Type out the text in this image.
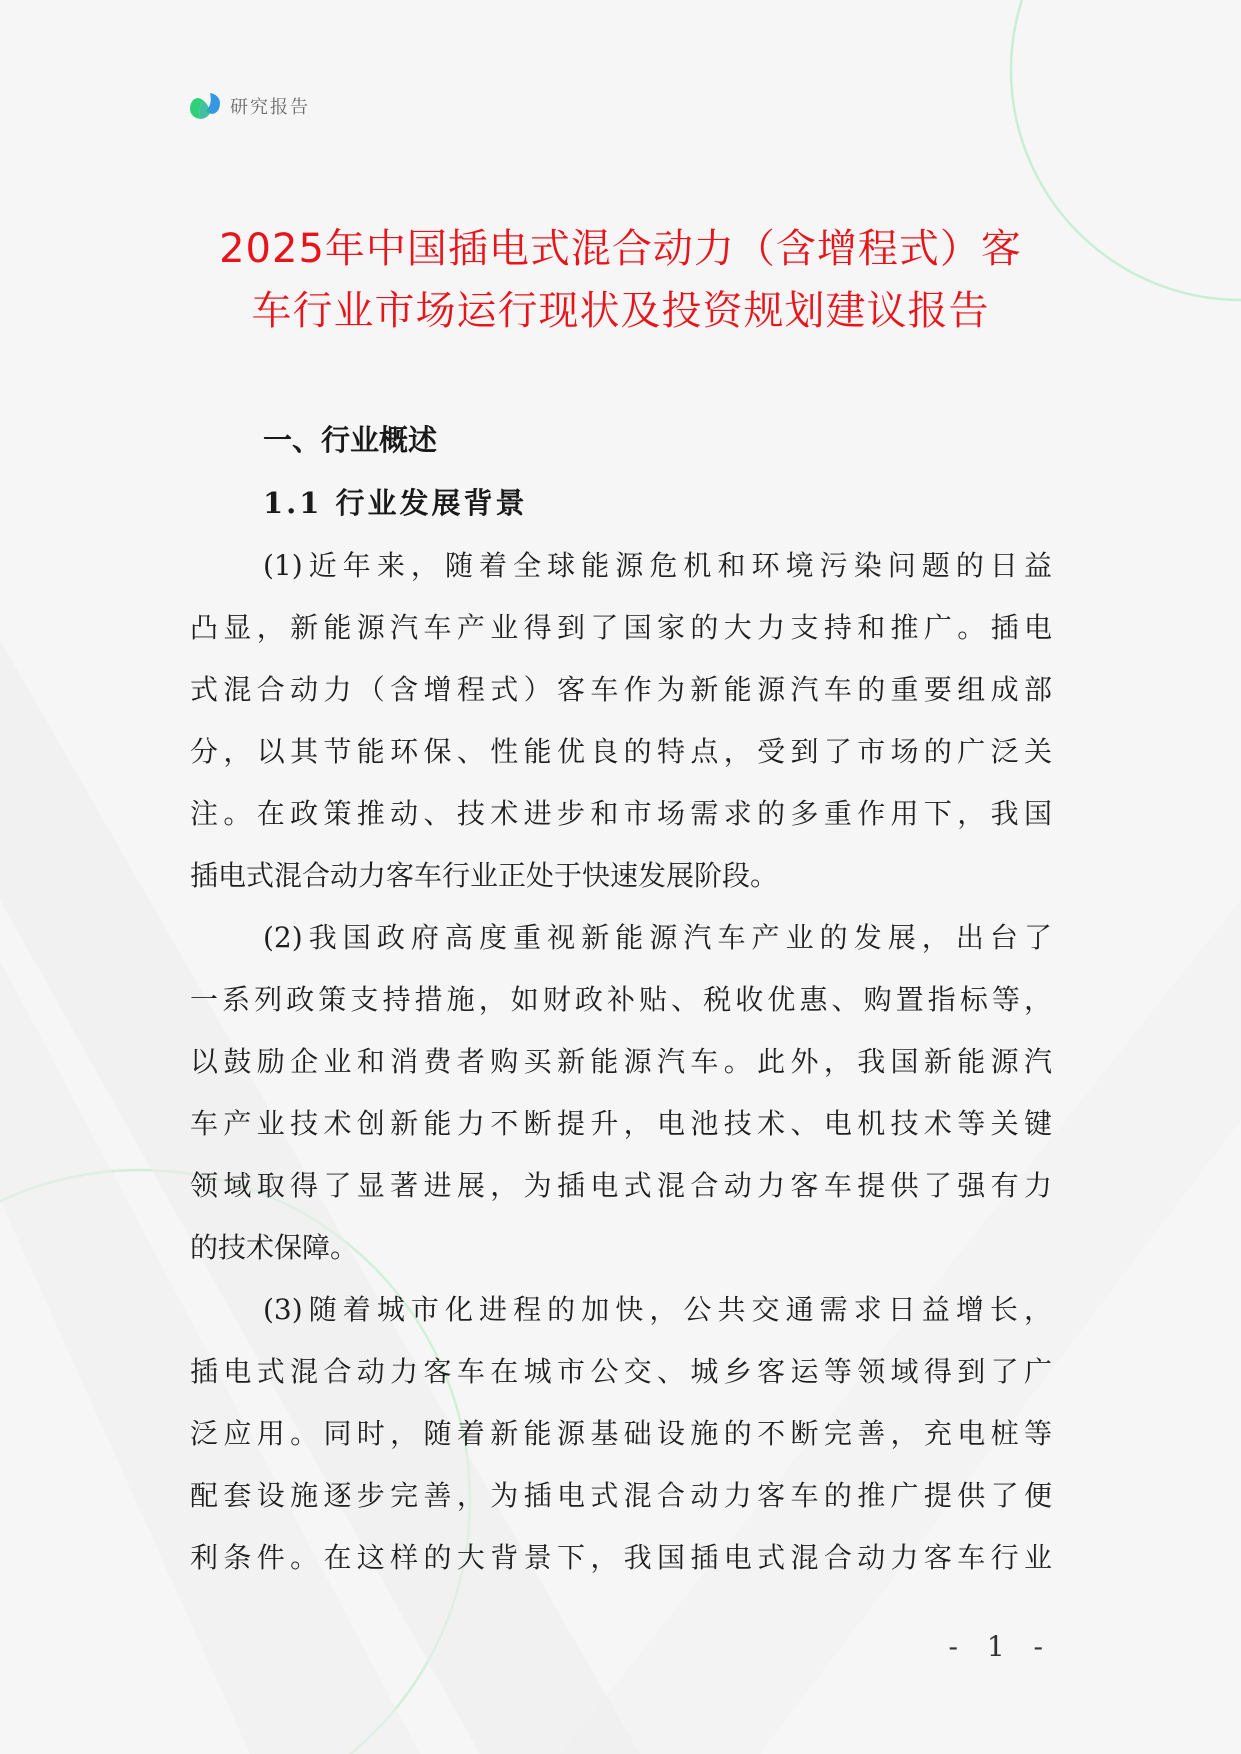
研究报告
2025年中国插电式混合动力（含增程式）客
车行业市场运行现状及投资规划建议报告
一、行业概述
1.1 行业发展背景
(1)近年来，随着全球能源危机和环境污染问题的日益
凸显，新能源汽车产业得到了国家的大力支持和推广。插电
式混合动力（含增程式）客车作为新能源汽车的重要组成部
分，以其节能环保、性能优良的特点，受到了市场的广泛关
注。在政策推动、技术进步和市场需求的多重作用下，我国
插电式混合动力客车行业正处于快速发展阶段。
(2)我国政府高度重视新能源汽车产业的发展，出台了
一系列政策支持措施，如财政补贴、税收优惠、购置指标等，
以鼓励企业和消费者购买新能源汽车。此外，我国新能源汽
车产业技术创新能力不断提升，电池技术、电机技术等关键
领域取得了显著进展，为插电式混合动力客车提供了强有力
的技术保障。
(3)随着城市化进程的加快，公共交通需求日益增长，
插电式混合动力客车在城市公交、城乡客运等领域得到了广
泛应用。同时，随着新能源基础设施的不断完善，充电桩等
配套设施逐步完善，为插电式混合动力客车的推广提供了便
利条件。在这样的大背景下，我国插电式混合动力客车行业
- 1 -
